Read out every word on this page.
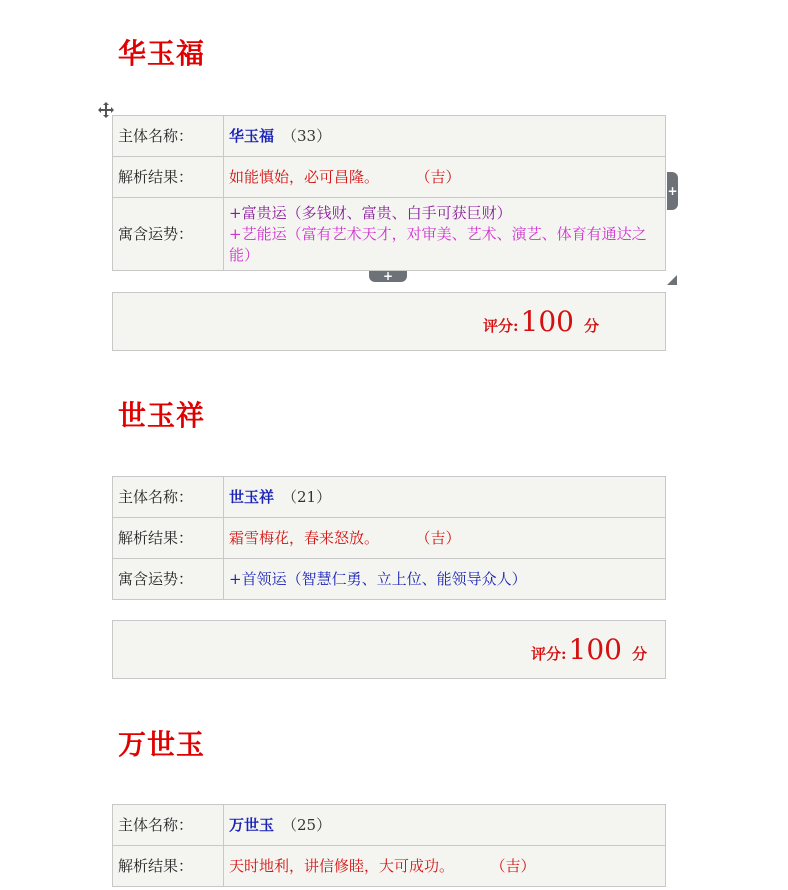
华玉福
主体名称：	华玉福 （33）
解析结果：	如能慎始，必可昌隆。 （吉）
寓含运势：	+富贵运（多钱财、富贵、白手可获巨财）
+艺能运（富有艺术天才，对审美、艺术、演艺、体育有通达之能）
+
+
评分:100 分
世玉祥
主体名称：	世玉祥 （21）
解析结果：	霜雪梅花，春来怒放。 （吉）
寓含运势：	+首领运（智慧仁勇、立上位、能领导众人）
评分:100 分
万世玉
主体名称：	万世玉 （25）
解析结果：	天时地利，讲信修睦，大可成功。 （吉）
